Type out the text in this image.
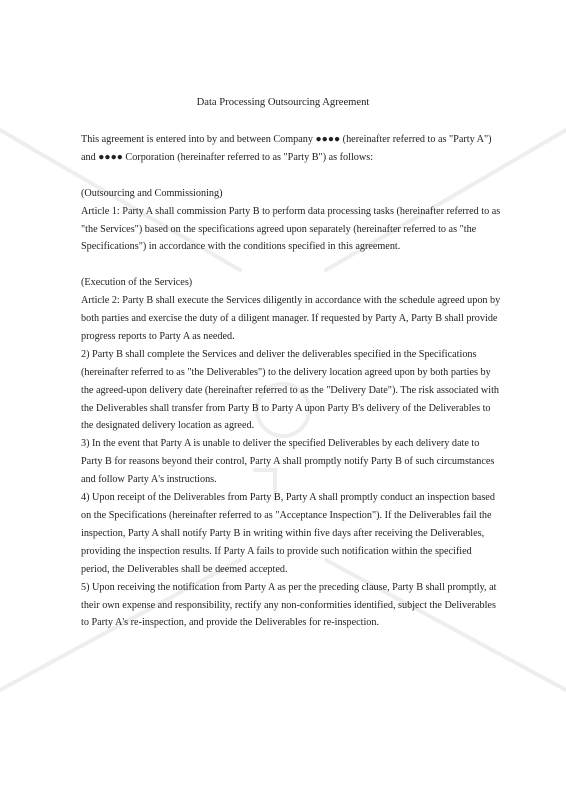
Data Processing Outsourcing Agreement

This agreement is entered into by and between Company ●●●● (hereinafter referred to as "Party A") and ●●●● Corporation (hereinafter referred to as "Party B") as follows:

(Outsourcing and Commissioning)

Article 1: Party A shall commission Party B to perform data processing tasks (hereinafter referred to as "the Services") based on the specifications agreed upon separately (hereinafter referred to as "the Specifications") in accordance with the conditions specified in this agreement.

(Execution of the Services)

Article 2: Party B shall execute the Services diligently in accordance with the schedule agreed upon by both parties and exercise the duty of a diligent manager. If requested by Party A, Party B shall provide progress reports to Party A as needed.

2) Party B shall complete the Services and deliver the deliverables specified in the Specifications (hereinafter referred to as "the Deliverables") to the delivery location agreed upon by both parties by the agreed-upon delivery date (hereinafter referred to as the "Delivery Date"). The risk associated with the Deliverables shall transfer from Party B to Party A upon Party B's delivery of the Deliverables to the designated delivery location as agreed.

3) In the event that Party A is unable to deliver the specified Deliverables by each delivery date to Party B for reasons beyond their control, Party A shall promptly notify Party B of such circumstances and follow Party A's instructions.

4) Upon receipt of the Deliverables from Party B, Party A shall promptly conduct an inspection based on the Specifications (hereinafter referred to as "Acceptance Inspection"). If the Deliverables fail the inspection, Party A shall notify Party B in writing within five days after receiving the Deliverables, providing the inspection results. If Party A fails to provide such notification within the specified period, the Deliverables shall be deemed accepted.

5) Upon receiving the notification from Party A as per the preceding clause, Party B shall promptly, at their own expense and responsibility, rectify any non-conformities identified, subject the Deliverables to Party A's re-inspection, and provide the Deliverables for re-inspection.
